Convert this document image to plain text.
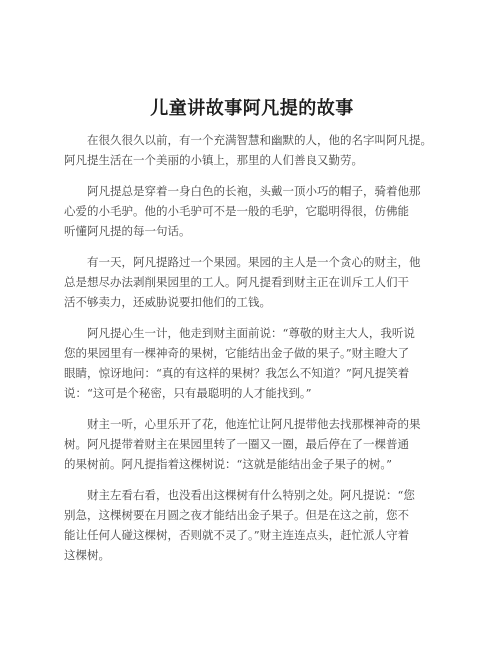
儿童讲故事阿凡提的故事
　　在很久很久以前，有一个充满智慧和幽默的人，他的名字叫阿凡提。
阿凡提生活在一个美丽的小镇上，那里的人们善良又勤劳。
　　阿凡提总是穿着一身白色的长袍，头戴一顶小巧的帽子，骑着他那
心爱的小毛驴。他的小毛驴可不是一般的毛驴，它聪明得很，仿佛能
听懂阿凡提的每一句话。
　　有一天，阿凡提路过一个果园。果园的主人是一个贪心的财主，他
总是想尽办法剥削果园里的工人。阿凡提看到财主正在训斥工人们干
活不够卖力，还威胁说要扣他们的工钱。
　　阿凡提心生一计，他走到财主面前说：“尊敬的财主大人，我听说
您的果园里有一棵神奇的果树，它能结出金子做的果子。”财主瞪大了
眼睛，惊讶地问：“真的有这样的果树？我怎么不知道？”阿凡提笑着
说：“这可是个秘密，只有最聪明的人才能找到。”
　　财主一听，心里乐开了花，他连忙让阿凡提带他去找那棵神奇的果
树。阿凡提带着财主在果园里转了一圈又一圈，最后停在了一棵普通
的果树前。阿凡提指着这棵树说：“这就是能结出金子果子的树。”
　　财主左看右看，也没看出这棵树有什么特别之处。阿凡提说：“您
别急，这棵树要在月圆之夜才能结出金子果子。但是在这之前，您不
能让任何人碰这棵树，否则就不灵了。”财主连连点头，赶忙派人守着
这棵树。
